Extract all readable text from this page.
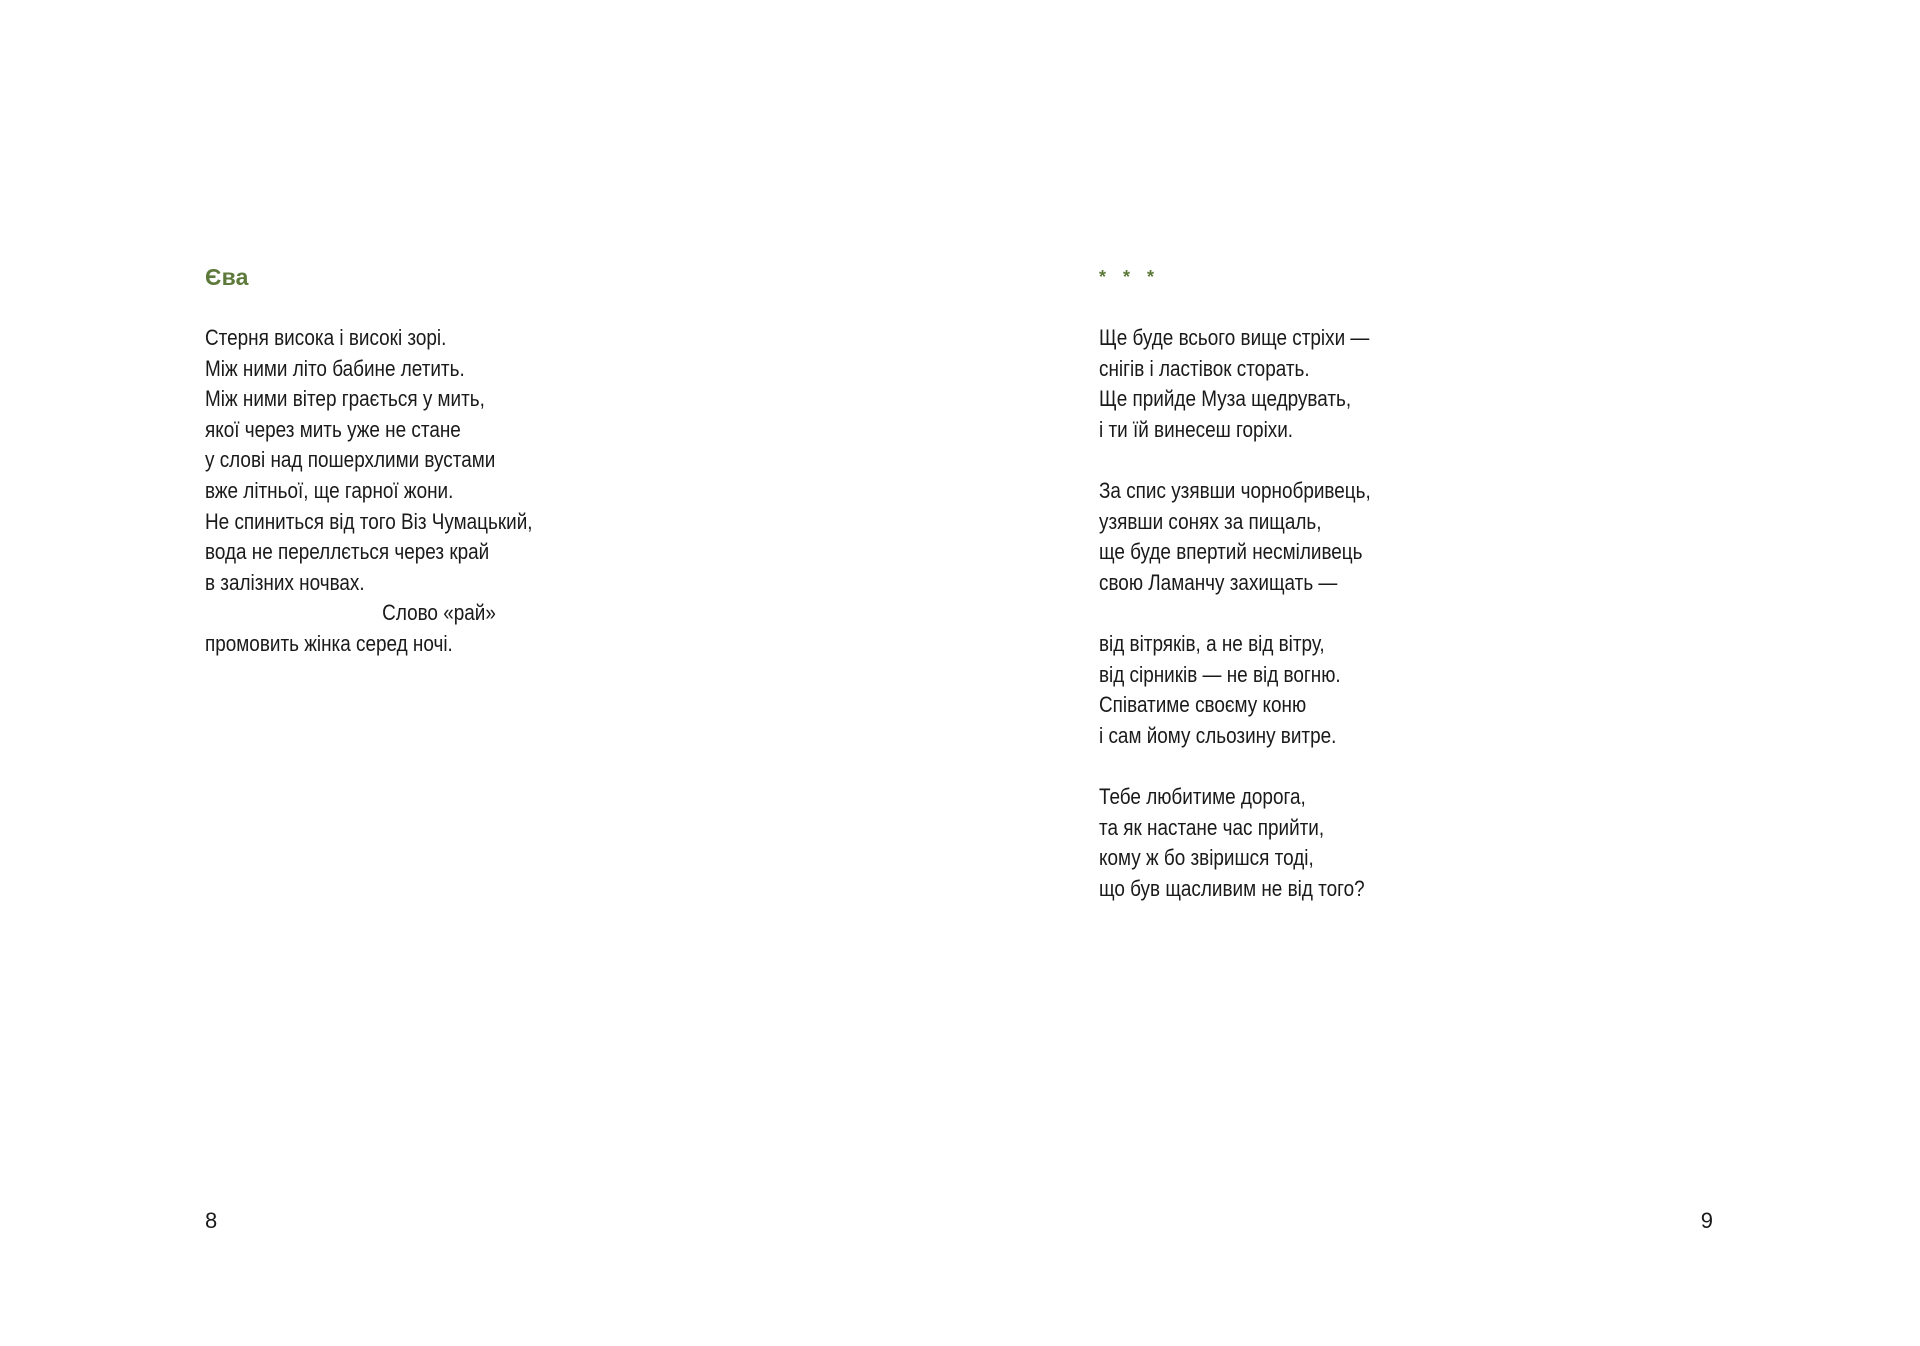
Єва
Стерня висока і високі зорі.
Між ними літо бабине летить.
Між ними вітер грається у мить,
якої через мить уже не стане
у слові над пошерхлими вустами
вже літньої, ще гарної жони.
Не спиниться від того Віз Чумацький,
вода не переллється через край
в залізних ночвах.
Слово «рай»
промовить жінка серед ночі.
8
* * *
Ще буде всього вище стріхи —
снігів і ластівок сторать.
Ще прийде Муза щедрувать,
і ти їй винесеш горіхи.
За спис узявши чорнобривець,
узявши сонях за пищаль,
ще буде впертий несміливець
свою Ламанчу захищать —
від вітряків, а не від вітру,
від сірників — не від вогню.
Співатиме своєму коню
і сам йому сльозину витре.
Тебе любитиме дорога,
та як настане час прийти,
кому ж бо звіришся тоді,
що був щасливим не від того?
9
